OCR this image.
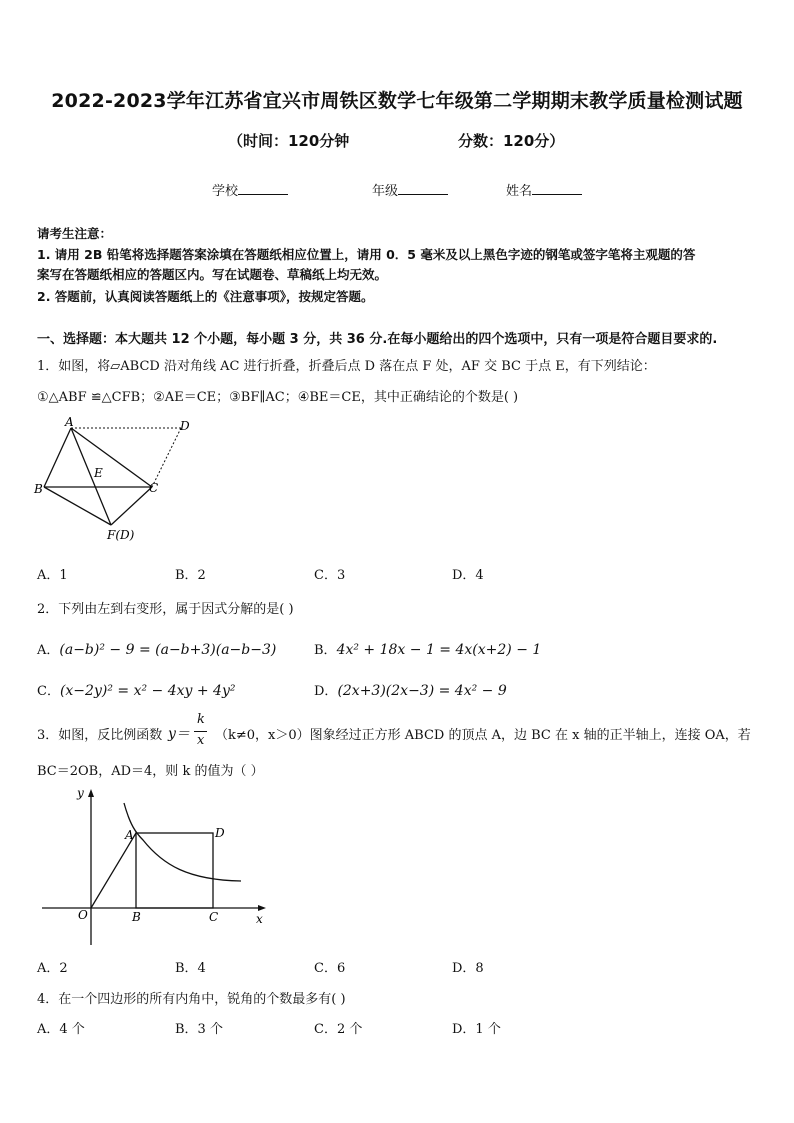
2022-2023学年江苏省宜兴市周铁区数学七年级第二学期期末教学质量检测试题
（时间：120分钟	分数：120分）
学校	年级	姓名
请考生注意：
1. 请用 2B 铅笔将选择题答案涂填在答题纸相应位置上，请用 0．5 毫米及以上黑色字迹的钢笔或签字笔将主观题的答
案写在答题纸相应的答题区内。写在试题卷、草稿纸上均无效。
2. 答题前，认真阅读答题纸上的《注意事项》，按规定答题。
一、选择题：本大题共 12 个小题，每小题 3 分，共 36 分.在每小题给出的四个选项中，只有一项是符合题目要求的.
1．如图，将▱ABCD 沿对角线 AC 进行折叠，折叠后点 D 落在点 F 处，AF 交 BC 于点 E，有下列结论：
①△ABF ≌△CFB；②AE＝CE；③BF∥AC；④BE＝CE，其中正确结论的个数是( )
A	D
E
B	C
F(D)
A．1	B．2	C．3	D．4
2．下列由左到右变形，属于因式分解的是( )
A．(a−b)² − 9 = (a−b+3)(a−b−3)	B．4x² + 18x − 1 = 4x(x+2) − 1
C．(x−2y)² = x² − 4xy + 4y²	D．(2x+3)(2x−3) = 4x² − 9
3．如图，反比例函数 y＝
k
x （k≠0，x＞0）图象经过正方形 ABCD 的顶点 A，边 BC 在 x 轴的正半轴上，连接 OA，若
BC＝2OB，AD＝4，则 k 的值为（ ）
y
x
O
A	D
B	C
A．2	B．4	C．6	D．8
4．在一个四边形的所有内角中，锐角的个数最多有( )
A．4 个	B．3 个	C．2 个	D．1 个
